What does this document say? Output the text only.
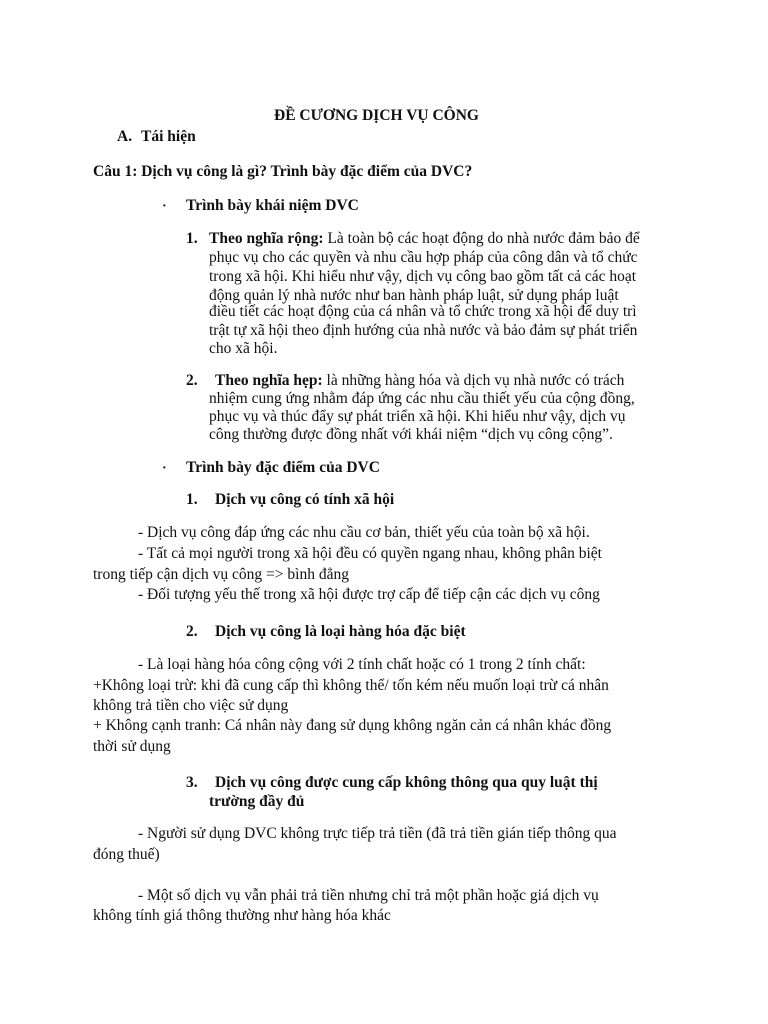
ĐỀ CƯƠNG DỊCH VỤ CÔNG
A. Tái hiện
Câu 1: Dịch vụ công là gì? Trình bày đặc điểm của DVC?
· Trình bày khái niệm DVC
1. Theo nghĩa rộng: Là toàn bộ các hoạt động do nhà nước đảm bảo để
phục vụ cho các quyền và nhu cầu hợp pháp của công dân và tổ chức
trong xã hội. Khi hiểu như vậy, dịch vụ công bao gồm tất cả các hoạt
động quản lý nhà nước như ban hành pháp luật, sử dụng pháp luật
điều tiết các hoạt động của cá nhân và tổ chức trong xã hội để duy trì
trật tự xã hội theo định hướng của nhà nước và bảo đảm sự phát triển
cho xã hội.
2. Theo nghĩa hẹp: là những hàng hóa và dịch vụ nhà nước có trách
nhiệm cung ứng nhằm đáp ứng các nhu cầu thiết yếu của cộng đồng,
phục vụ và thúc đẩy sự phát triển xã hội. Khi hiểu như vậy, dịch vụ
công thường được đồng nhất với khái niệm “dịch vụ công cộng”.
· Trình bày đặc điểm của DVC
1. Dịch vụ công có tính xã hội
- Dịch vụ công đáp ứng các nhu cầu cơ bản, thiết yếu của toàn bộ xã hội.
- Tất cả mọi người trong xã hội đều có quyền ngang nhau, không phân biệt
trong tiếp cận dịch vụ công => bình đẳng
- Đối tượng yếu thế trong xã hội được trợ cấp để tiếp cận các dịch vụ công
2. Dịch vụ công là loại hàng hóa đặc biệt
- Là loại hàng hóa công cộng với 2 tính chất hoặc có 1 trong 2 tính chất:
+Không loại trừ: khi đã cung cấp thì không thể/ tốn kém nếu muốn loại trừ cá nhân
không trả tiền cho việc sử dụng
+ Không cạnh tranh: Cá nhân này đang sử dụng không ngăn cản cá nhân khác đồng
thời sử dụng
3. Dịch vụ công được cung cấp không thông qua quy luật thị
trường đầy đủ
- Người sử dụng DVC không trực tiếp trả tiền (đã trả tiền gián tiếp thông qua
đóng thuế)
- Một số dịch vụ vẫn phải trả tiền nhưng chỉ trả một phần hoặc giá dịch vụ
không tính giá thông thường như hàng hóa khác
